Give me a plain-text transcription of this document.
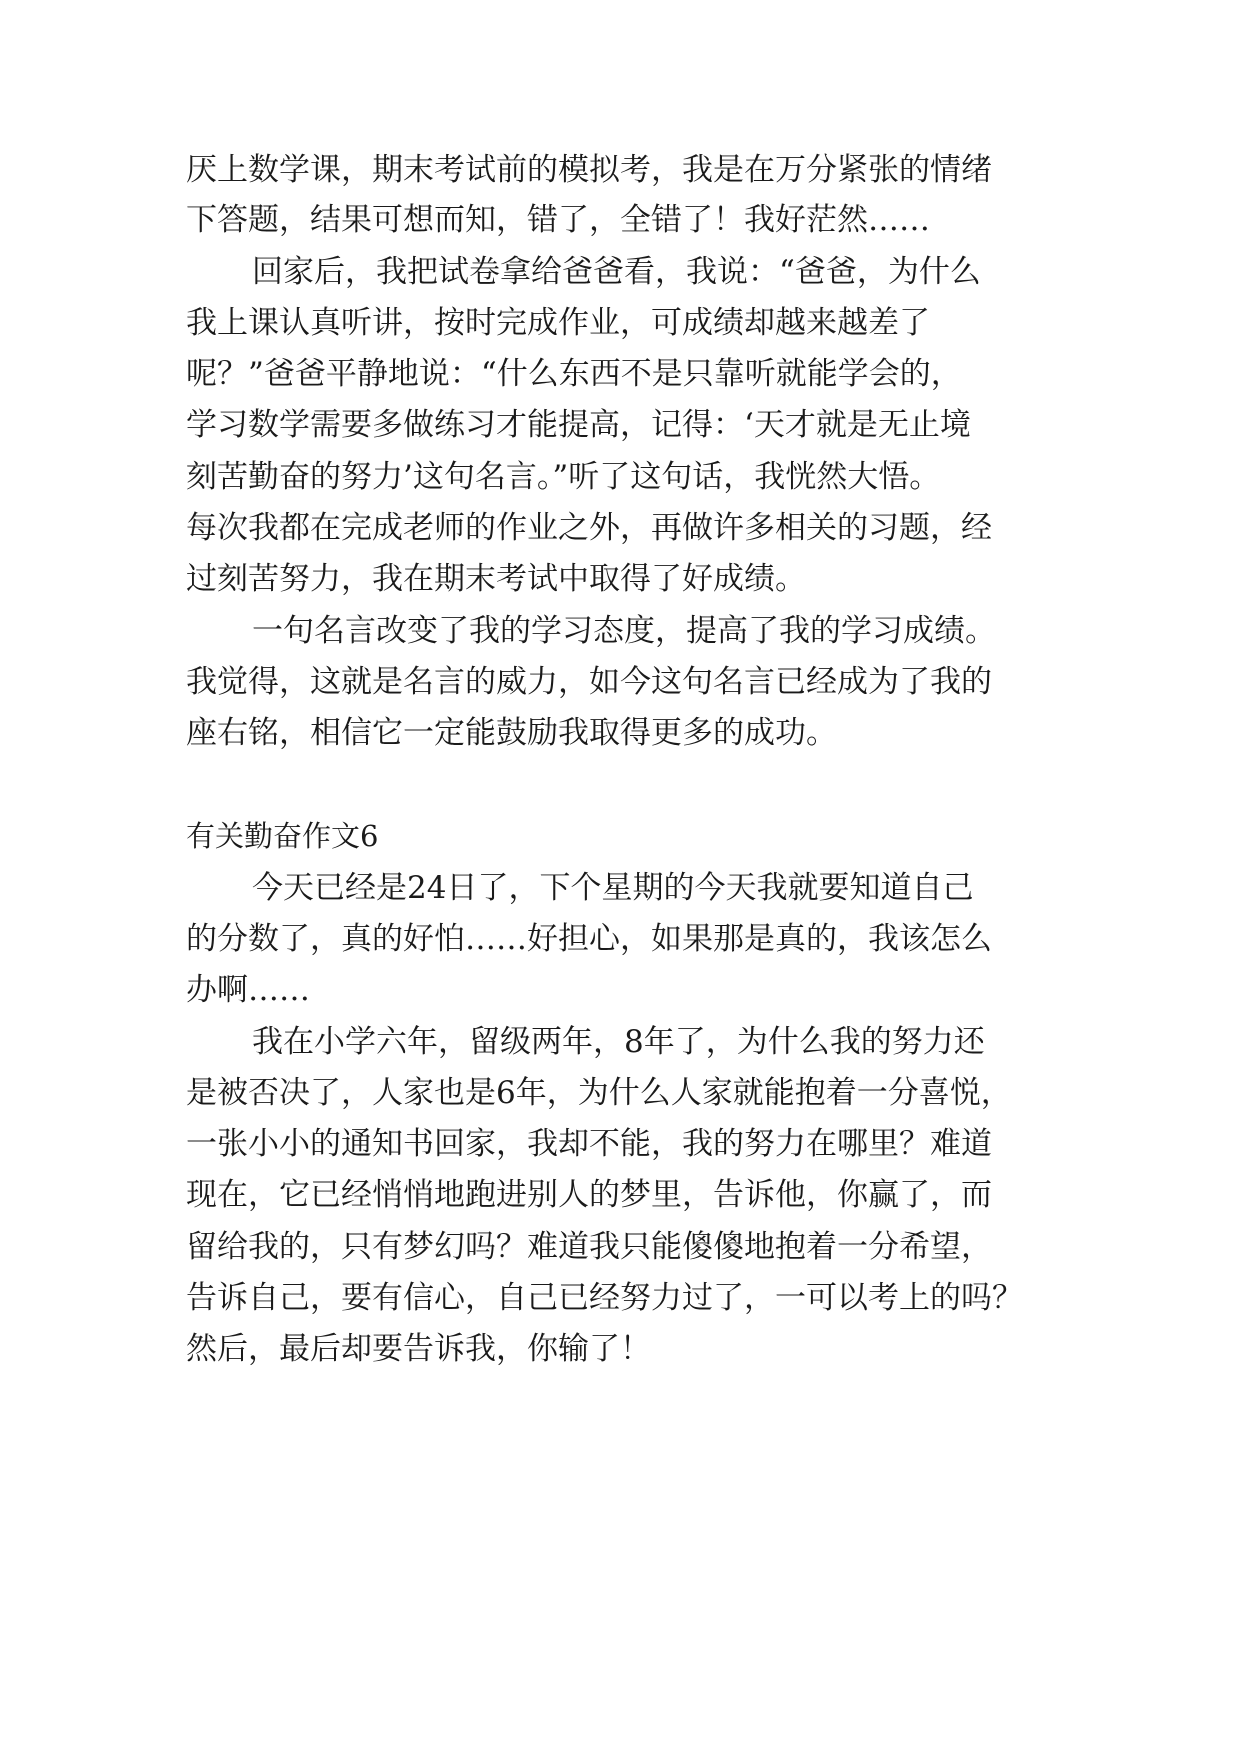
厌上数学课，期末考试前的模拟考，我是在万分紧张的情绪

下答题，结果可想而知，错了，全错了！我好茫然……

回家后，我把试卷拿给爸爸看，我说：“爸爸，为什么

我上课认真听讲，按时完成作业，可成绩却越来越差了

呢？”爸爸平静地说：“什么东西不是只靠听就能学会的，

学习数学需要多做练习才能提高，记得：‘天才就是无止境

刻苦勤奋的努力’这句名言。”听了这句话，我恍然大悟。

每次我都在完成老师的作业之外，再做许多相关的习题，经

过刻苦努力，我在期末考试中取得了好成绩。

一句名言改变了我的学习态度，提高了我的学习成绩。

我觉得，这就是名言的威力，如今这句名言已经成为了我的

座右铭，相信它一定能鼓励我取得更多的成功。

有关勤奋作文6

今天已经是24日了，下个星期的今天我就要知道自己

的分数了，真的好怕……好担心，如果那是真的，我该怎么

办啊……

我在小学六年，留级两年，8年了，为什么我的努力还

是被否决了，人家也是6年，为什么人家就能抱着一分喜悦，

一张小小的通知书回家，我却不能，我的努力在哪里？难道

现在，它已经悄悄地跑进别人的梦里，告诉他，你赢了，而

留给我的，只有梦幻吗？难道我只能傻傻地抱着一分希望，

告诉自己，要有信心，自己已经努力过了，一可以考上的吗？

然后，最后却要告诉我，你输了！
